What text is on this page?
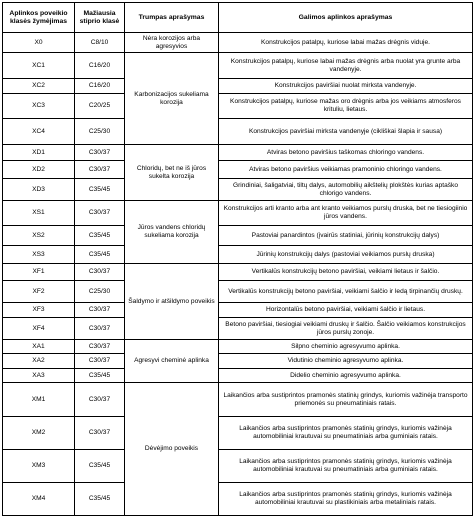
Aplinkos poveikio klasės žymėjimas	Mažiausia stiprio klasė	Trumpas aprašymas	Galimos aplinkos aprašymas
X0	C8/10	Nėra korozijos arba agresyvios	Konstrukcijos patalpų, kuriose labai mažas drėgnis viduje.
XC1	C16/20	Karbonizacijos sukeliama korozija	Konstrukcijos patalpų, kuriose labai mažas drėgnis arba nuolat yra grunte arba vandenyje.
XC2	C16/20		Konstrukcijos paviršiai nuolat mirksta vandenyje.
XC3	C20/25		Konstrukcijos patalpų, kuriose mažas oro drėgnis arba jos veikiams atmosferos krituliu, lietaus.
XC4	C25/30		Konstrukcijos paviršiai mirksta vandenyje (cikliškai šlapia ir sausa)
XD1	C30/37	Chloridų, bet ne iš jūros sukelta korozija	Atviras betono paviršius taškomas chloringo vandens.
XD2	C30/37		Atviras betono paviršius veikiamas pramoninio chloringo vandens.
XD3	C35/45		Grindiniai, šaligatviai, tiltų dalys, automobilių aikštelių plokštės kurias aptaško chlorigo vandens.
XS1	C30/37	Jūros vandens chloridų sukeliama korozija	Konstrukcijos arti kranto arba ant kranto veikiamos purslų druska, bet ne tiesiogiinio jūros vandens.
XS2	C35/45		Pastoviai panardintos (įvairūs statiniai, jūrinių konstrukcijų dalys)
XS3	C35/45		Jūrinių konstrukcijų dalys (pastoviai veikiamos purslų druska)
XF1	C30/37	Šaldymo ir atšildymo poveikis	Vertikalūs konstrukcijų betono paviršiai, veikiami lietaus ir šalčio.
XF2	C25/30		Vertikalūs konstrukcijų betono paviršiai, veikiami šalčio ir ledą tirpinančių druskų.
XF3	C30/37		Horizontalūs betono paviršiai, veikiami šalčio ir lietaus.
XF4	C30/37		Betono paviršiai, tiesiogiai veikiami druskų ir šalčio. Šalčio veikiamos konstrukcijos jūros purslų zonoje.
XA1	C30/37	Agresyvi cheminė aplinka	Silpno cheminio agresyvumo aplinka.
XA2	C30/37		Vidutinio cheminio agresyvumo aplinka.
XA3	C35/45		Didelio cheminio agresyvumo aplinka.
XM1	C30/37	Dėvėjimo poveikis	Laikančios arba sustiprintos pramonės statinių grindys, kuriomis važinėja transporto priemonės su pneumatiniais ratais.
XM2	C30/37		Laikančios arba sustiprintos pramonės statinių grindys, kuriomis važinėja automobiliniai krautuvai su pneumatiniais arba guminiais ratais.
XM3	C35/45		Laikančios arba sustiprintos pramonės statinių grindys, kuriomis važinėja automobiliniai krautuvai su pneumatiniais arba guminiais ratais.
XM4	C35/45		Laikančios arba sustiprintos pramonės statinių grindys, kuriomis važinėja automobiliniai krautuvai su plastikiniais arba metaliniais ratais.
